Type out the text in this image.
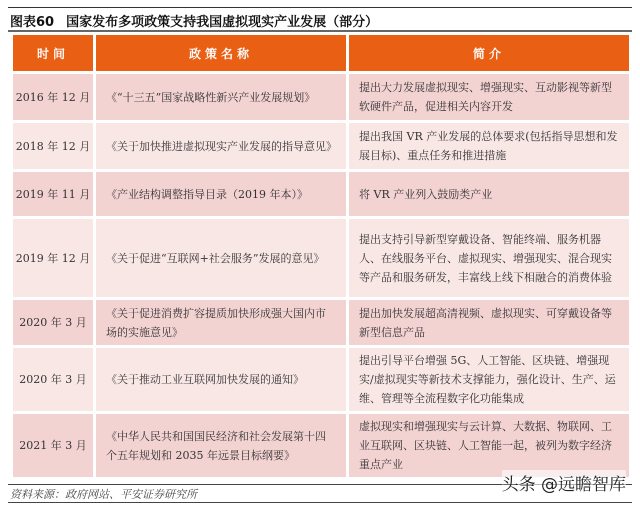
图表60 国家发布多项政策支持我国虚拟现实产业发展（部分）
时间	政策名称	简介
2016 年 12 月	《“十三五”国家战略性新兴产业发展规划》	提出大力发展虚拟现实、增强现实、互动影视等新型软硬件产品，促进相关内容开发
2018 年 12 月	《关于加快推进虚拟现实产业发展的指导意见》	提出我国 VR 产业发展的总体要求(包括指导思想和发展目标)、重点任务和推进措施
2019 年 11 月	《产业结构调整指导目录（2019 年本）》	将 VR 产业列入鼓励类产业
2019 年 12 月	《关于促进“互联网+社会服务”发展的意见》	提出支持引导新型穿戴设备、智能终端、服务机器人、在线服务平台、虚拟现实、增强现实、混合现实等产品和服务研发，丰富线上线下相融合的消费体验
2020 年 3 月	《关于促进消费扩容提质加快形成强大国内市场的实施意见》	提出加快发展超高清视频、虚拟现实、可穿戴设备等新型信息产品
2020 年 3 月	《关于推动工业互联网加快发展的通知》	提出引导平台增强 5G、人工智能、区块链、增强现实/虚拟现实等新技术支撑能力，强化设计、生产、运维、管理等全流程数字化功能集成
2021 年 3 月	《中华人民共和国国民经济和社会发展第十四个五年规划和 2035 年远景目标纲要》	虚拟现实和增强现实与云计算、大数据、物联网、工业互联网、区块链、人工智能一起，被列为数字经济重点产业
资料来源：政府网站、平安证券研究所	头条 @远瞻智库
